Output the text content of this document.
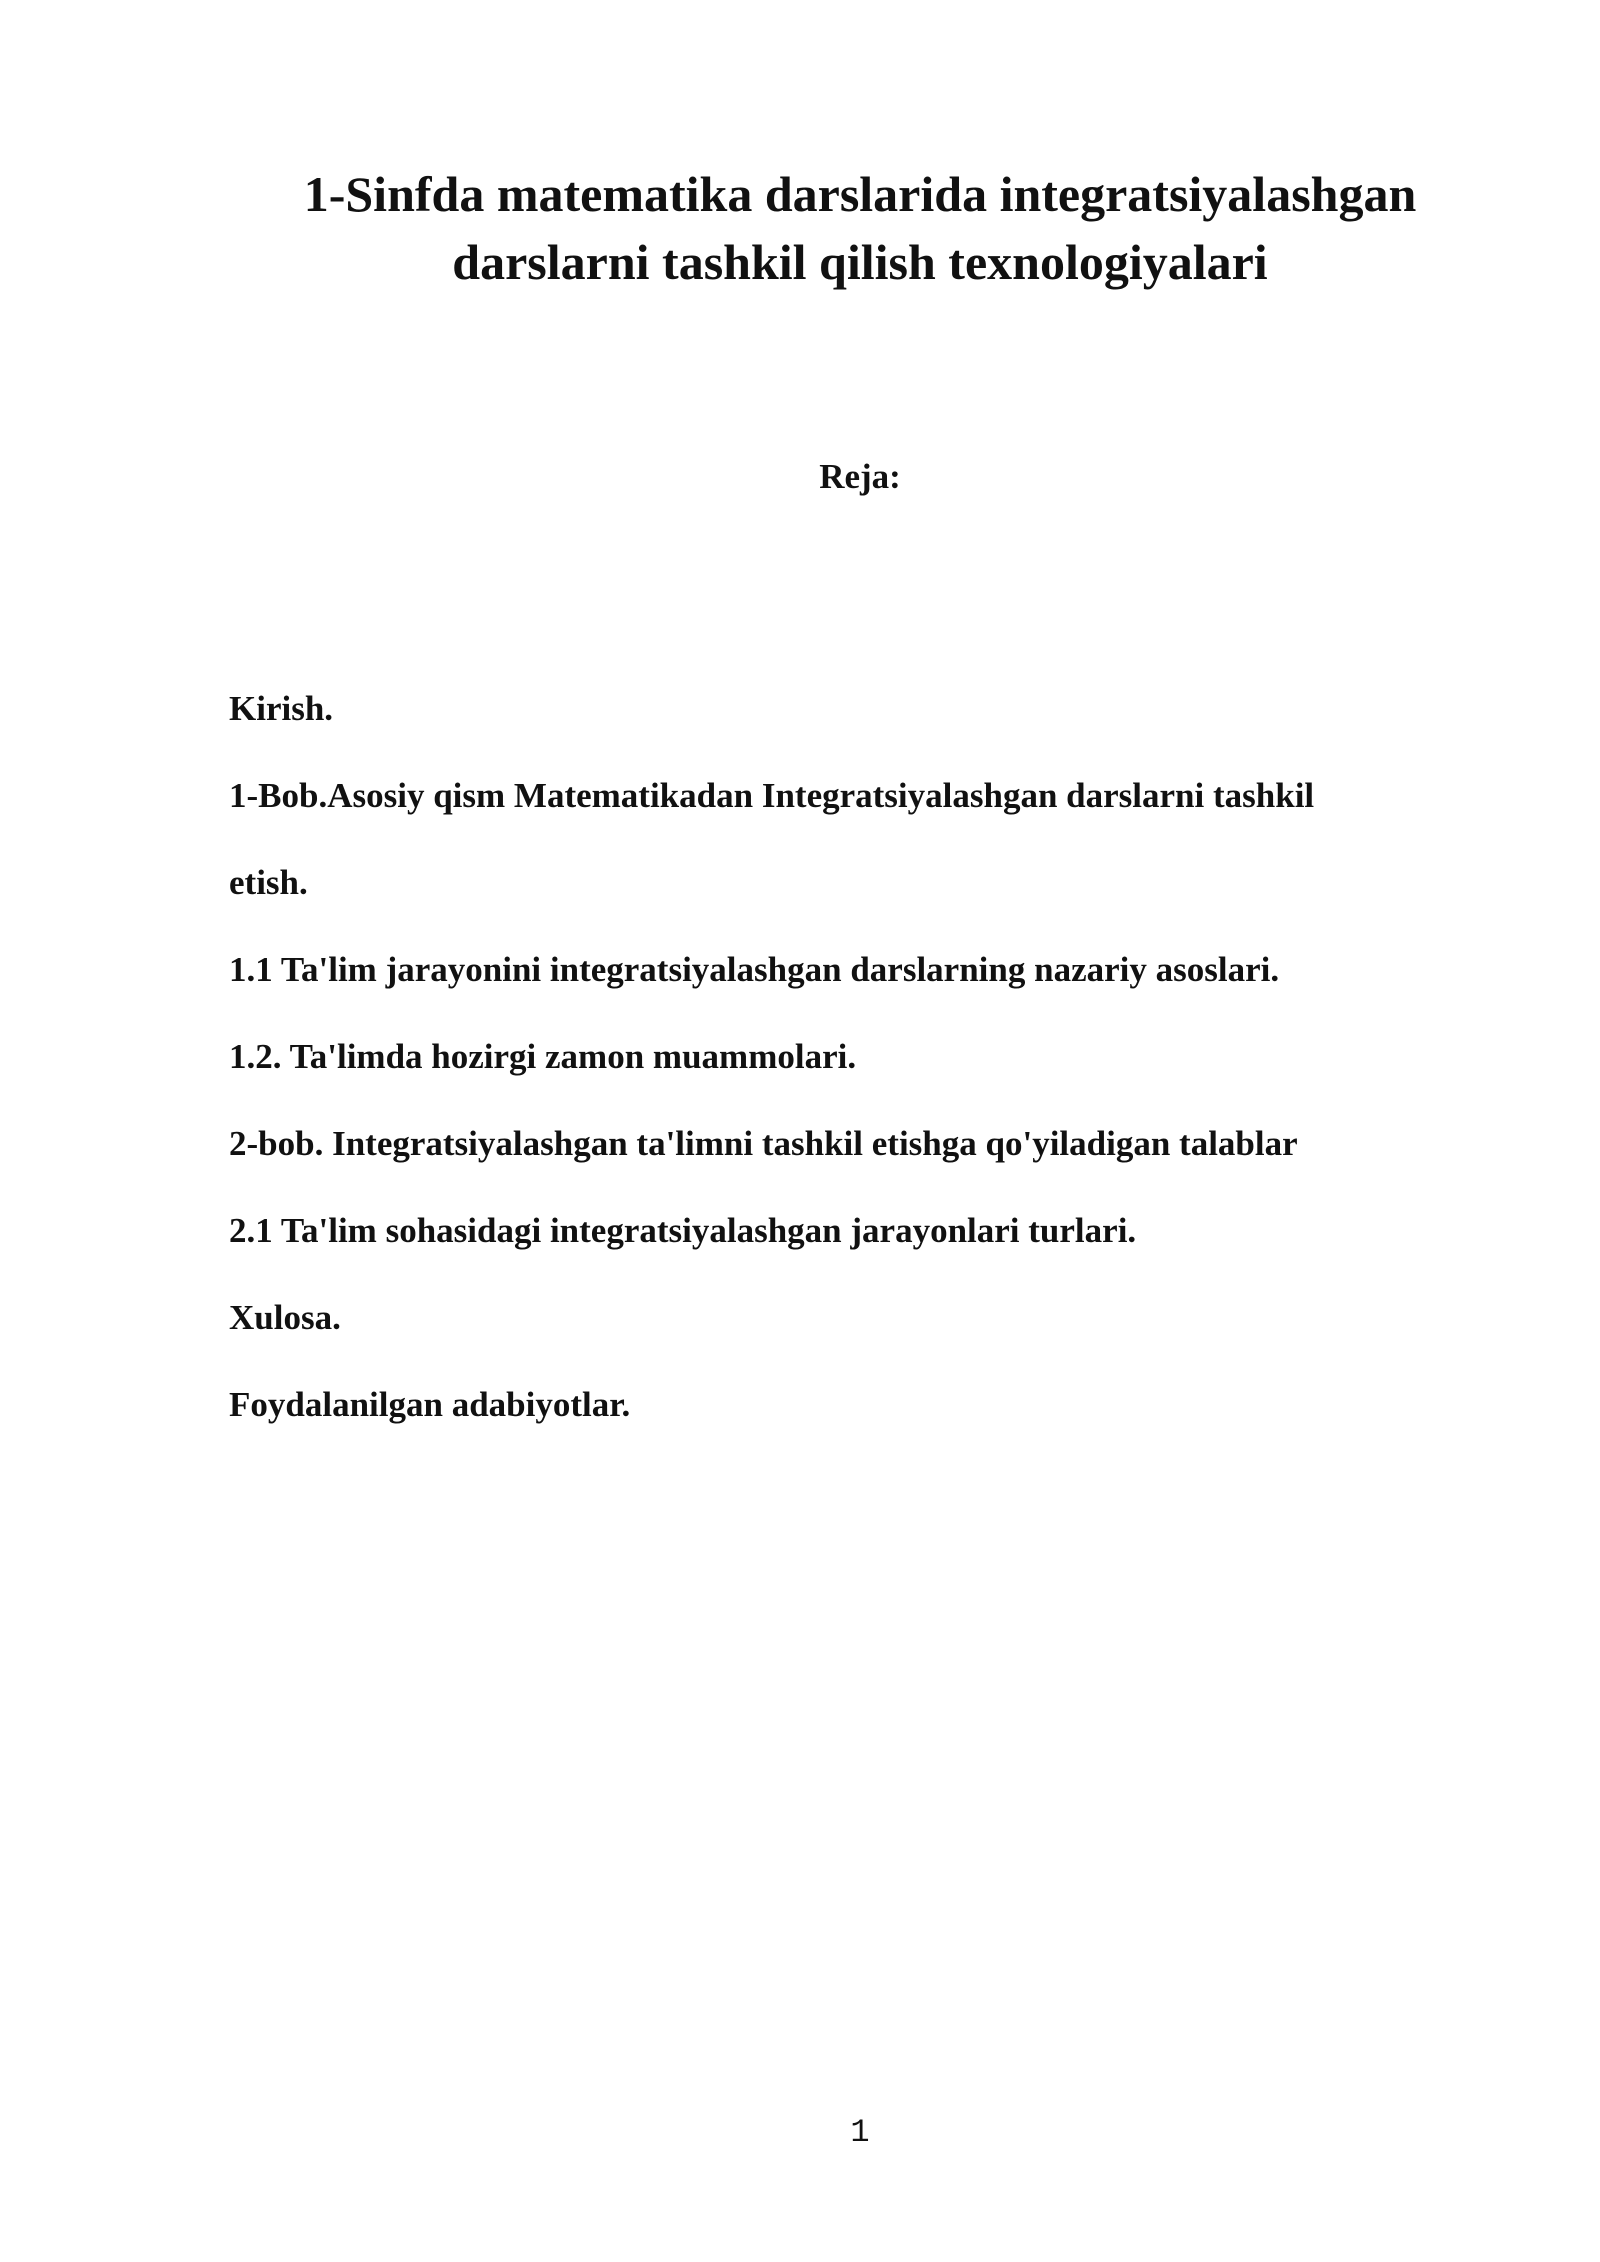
1-Sinfda matematika darslarida integratsiyalashgan
darslarni tashkil qilish texnologiyalari

Reja:

Kirish.
1-Bob.Asosiy qism Matematikadan Integratsiyalashgan darslarni tashkil
etish.
1.1 Ta'lim jarayonini integratsiyalashgan darslarning nazariy asoslari.
1.2. Ta'limda hozirgi zamon muammolari.
2-bob. Integratsiyalashgan ta'limni tashkil etishga qo'yiladigan talablar
2.1 Ta'lim sohasidagi integratsiyalashgan jarayonlari turlari.
Xulosa.
Foydalanilgan adabiyotlar.

1
